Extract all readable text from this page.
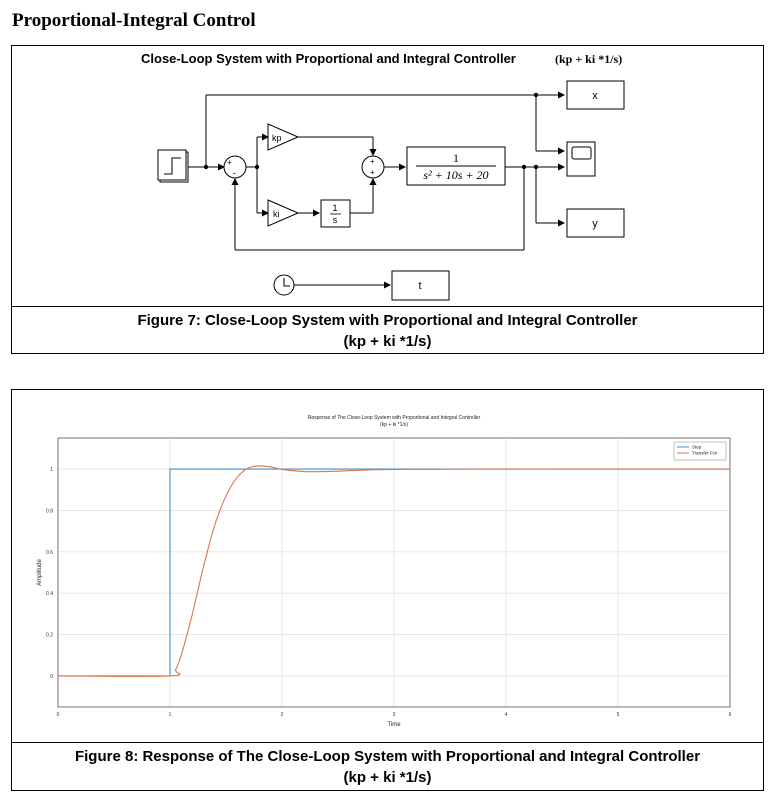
Proportional-Integral Control
Close-Loop System with Proportional and Integral Controller	(kp + ki *1/s)
+
-
kp
ki
1
s
+
+
1
s² + 10s + 20
x
y
t
Figure 7: Close-Loop System with Proportional and Integral Controller
(kp + ki *1/s)
Response of The Close-Loop System with Proportional and Integral Controller
(kp + ki *1/s)
0	1	2	3	4	5	6
0
0.2
0.4
0.6
0.8
1
Time
Amplitude
Step
Transfer Fcn
Figure 8: Response of The Close-Loop System with Proportional and Integral Controller
(kp + ki *1/s)
